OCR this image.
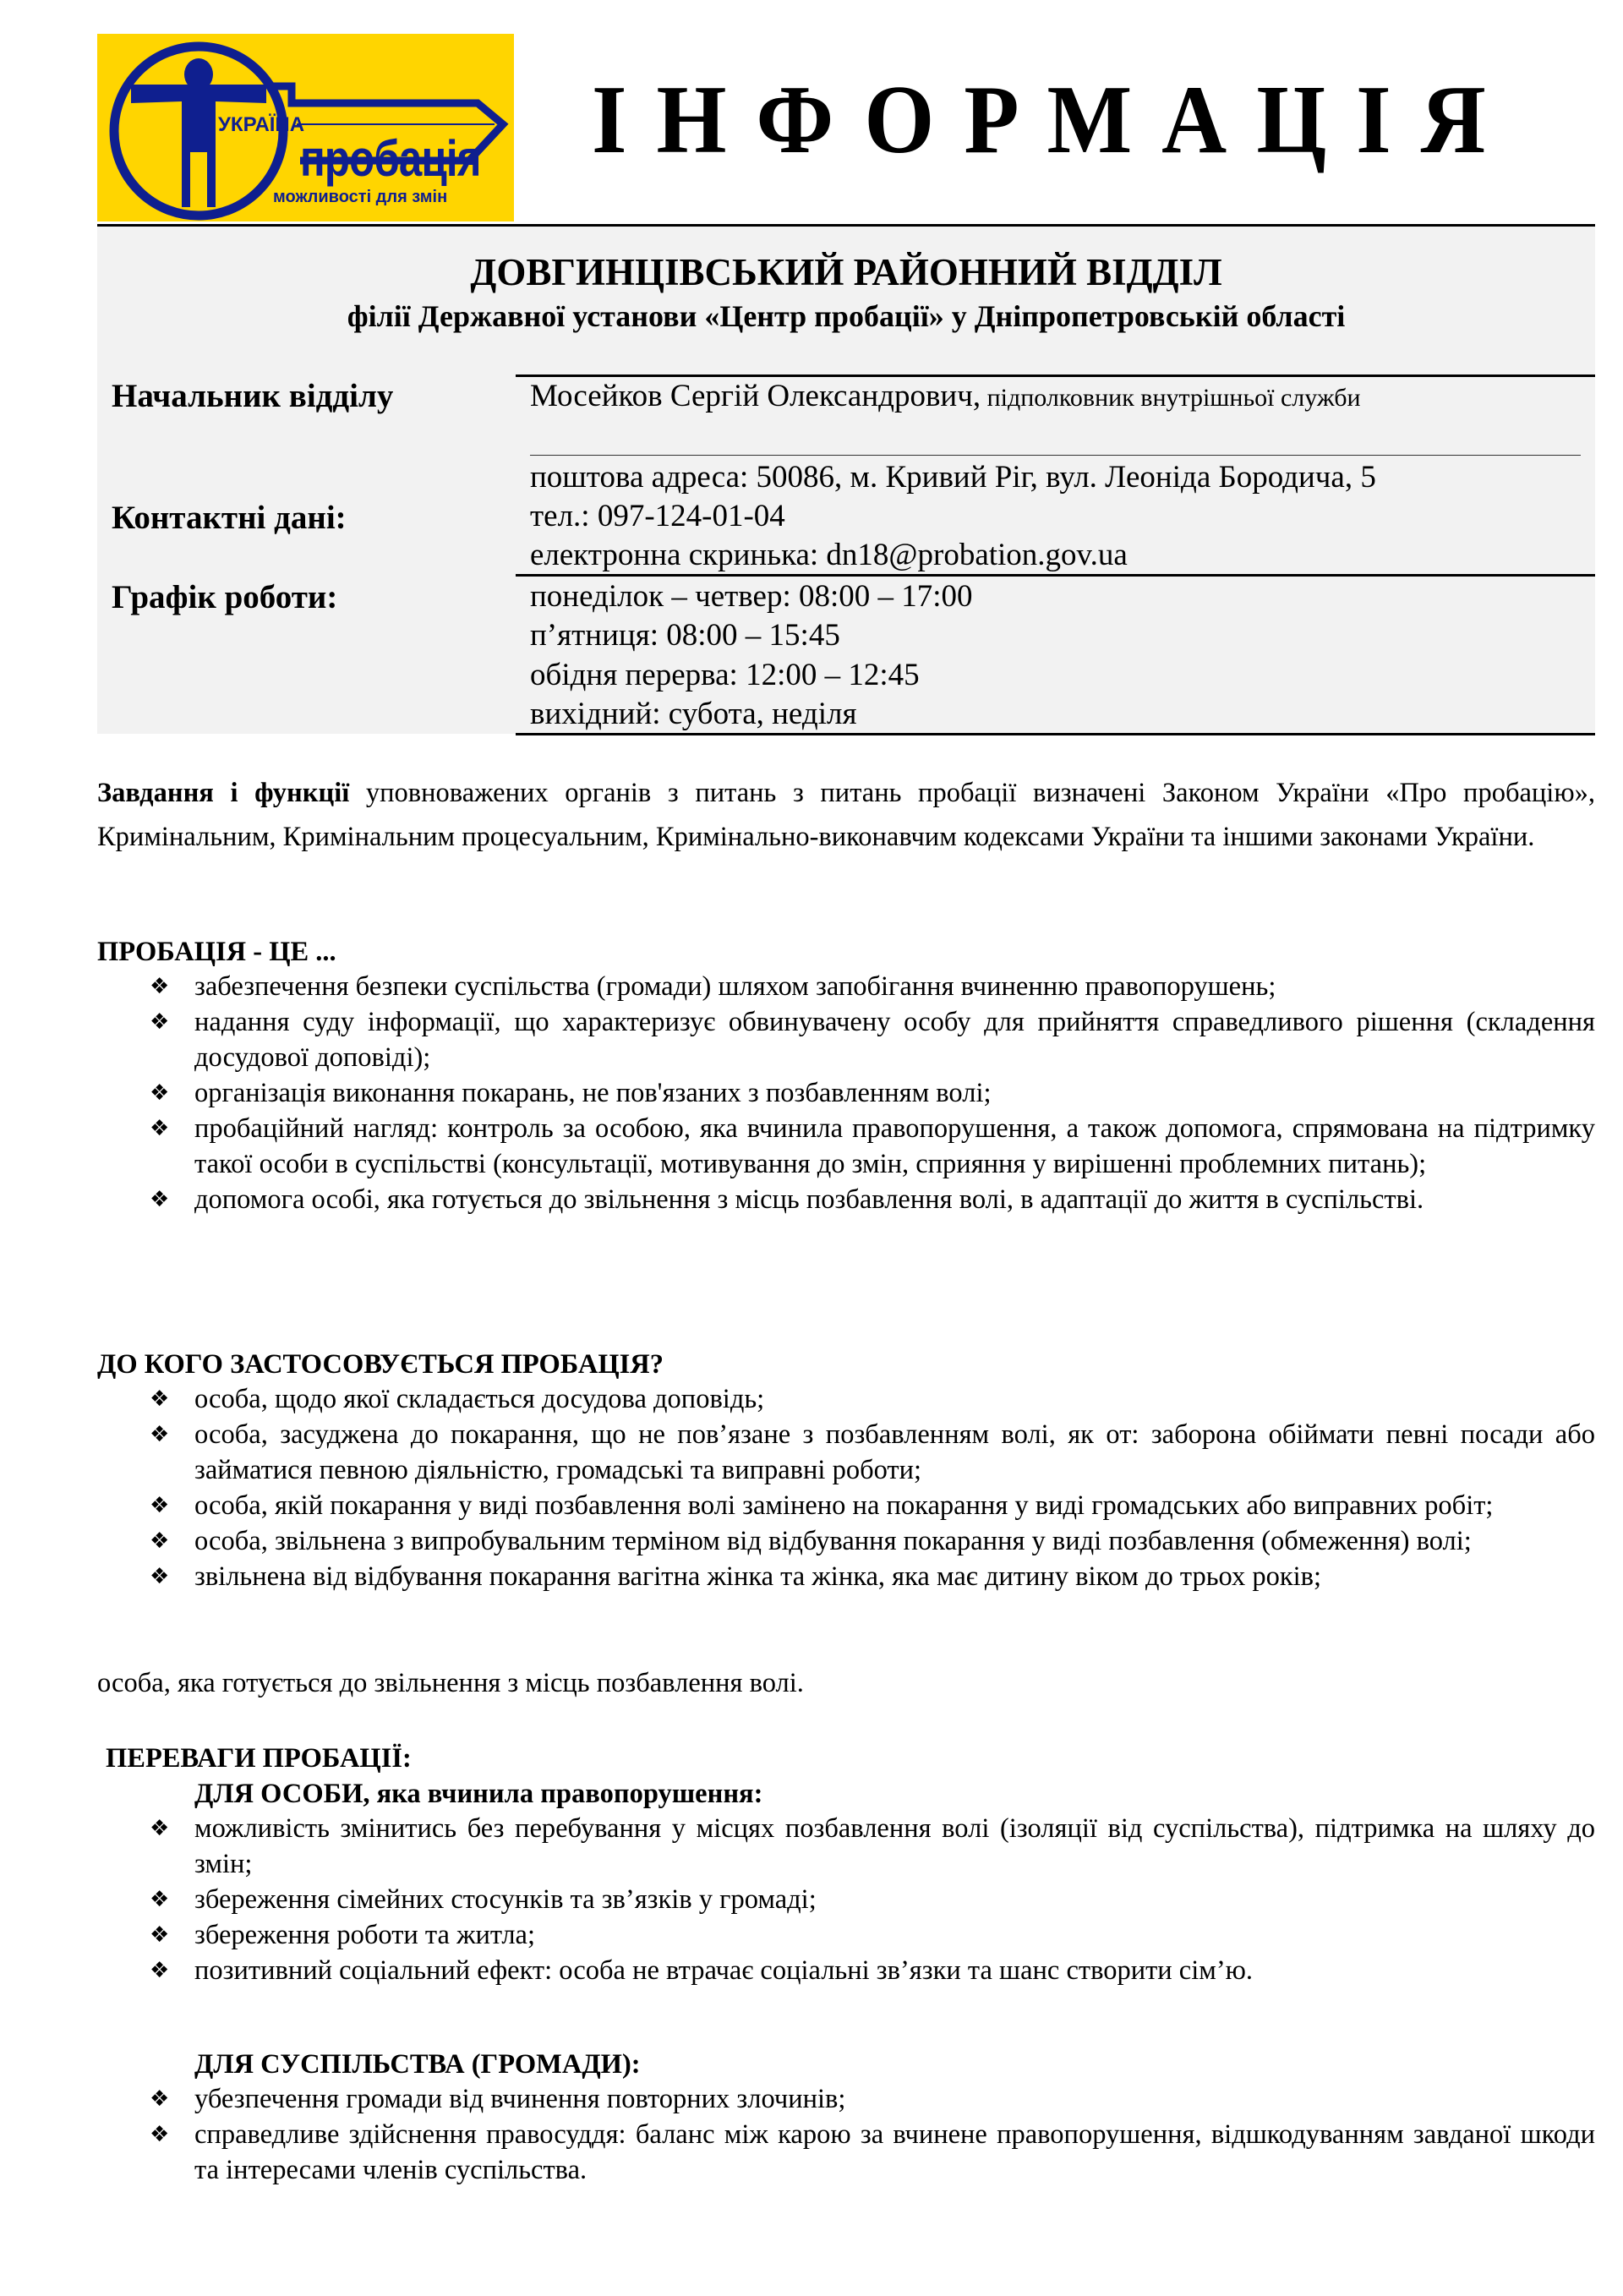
УКРАЇНА
пробація
можливості для змін
ІНФОРМАЦІЯ
ДОВГИНЦІВСЬКИЙ РАЙОННИЙ ВІДДІЛ
філії Державної установи «Центр пробації» у Дніпропетровській області
Начальник відділу
Контактні дані:
Графік роботи:
Мосейков Сергій Олександрович, підполковник внутрішньої служби
поштова адреса: 50086, м. Кривий Ріг, вул. Леоніда Бородича, 5
тел.: 097-124-01-04
електронна скринька: dn18@probation.gov.ua
понеділок – четвер: 08:00 – 17:00
п’ятниця: 08:00 – 15:45
обідня перерва: 12:00 – 12:45
вихідний: субота, неділя
Завдання і функції уповноважених органів з питань з питань пробації визначені Законом України «Про пробацію», Кримінальним, Кримінальним процесуальним, Кримінально-виконавчим кодексами України та іншими законами України.
ПРОБАЦІЯ - ЦЕ ...
❖ забезпечення безпеки суспільства (громади) шляхом запобігання вчиненню правопорушень;
❖ надання суду інформації, що характеризує обвинувачену особу для прийняття справедливого рішення (складення досудової доповіді);
❖ організація виконання покарань, не пов'язаних з позбавленням волі;
❖ пробаційний нагляд: контроль за особою, яка вчинила правопорушення, а також допомога, спрямована на підтримку такої особи в суспільстві (консультації, мотивування до змін, сприяння у вирішенні проблемних питань);
❖ допомога особі, яка готується до звільнення з місць позбавлення волі, в адаптації до життя в суспільстві.
ДО КОГО ЗАСТОСОВУЄТЬСЯ ПРОБАЦІЯ?
❖ особа, щодо якої складається досудова доповідь;
❖ особа, засуджена до покарання, що не пов’язане з позбавленням волі, як от: заборона обіймати певні посади або займатися певною діяльністю, громадські та виправні роботи;
❖ особа, якій покарання у виді позбавлення волі замінено на покарання у виді громадських або виправних робіт;
❖ особа, звільнена з випробувальним терміном від відбування покарання у виді позбавлення (обмеження) волі;
❖ звільнена від відбування покарання вагітна жінка та жінка, яка має дитину віком до трьох років;
особа, яка готується до звільнення з місць позбавлення волі.
ПЕРЕВАГИ ПРОБАЦІЇ:
ДЛЯ ОСОБИ, яка вчинила правопорушення:
❖ можливість змінитись без перебування у місцях позбавлення волі (ізоляції від суспільства), підтримка на шляху до змін;
❖ збереження сімейних стосунків та зв’язків у громаді;
❖ збереження роботи та житла;
❖ позитивний соціальний ефект: особа не втрачає соціальні зв’язки та шанс створити сім’ю.
ДЛЯ СУСПІЛЬСТВА (ГРОМАДИ):
❖ убезпечення громади від вчинення повторних злочинів;
❖ справедливе здійснення правосуддя: баланс між карою за вчинене правопорушення, відшкодуванням завданої шкоди та інтересами членів суспільства.
